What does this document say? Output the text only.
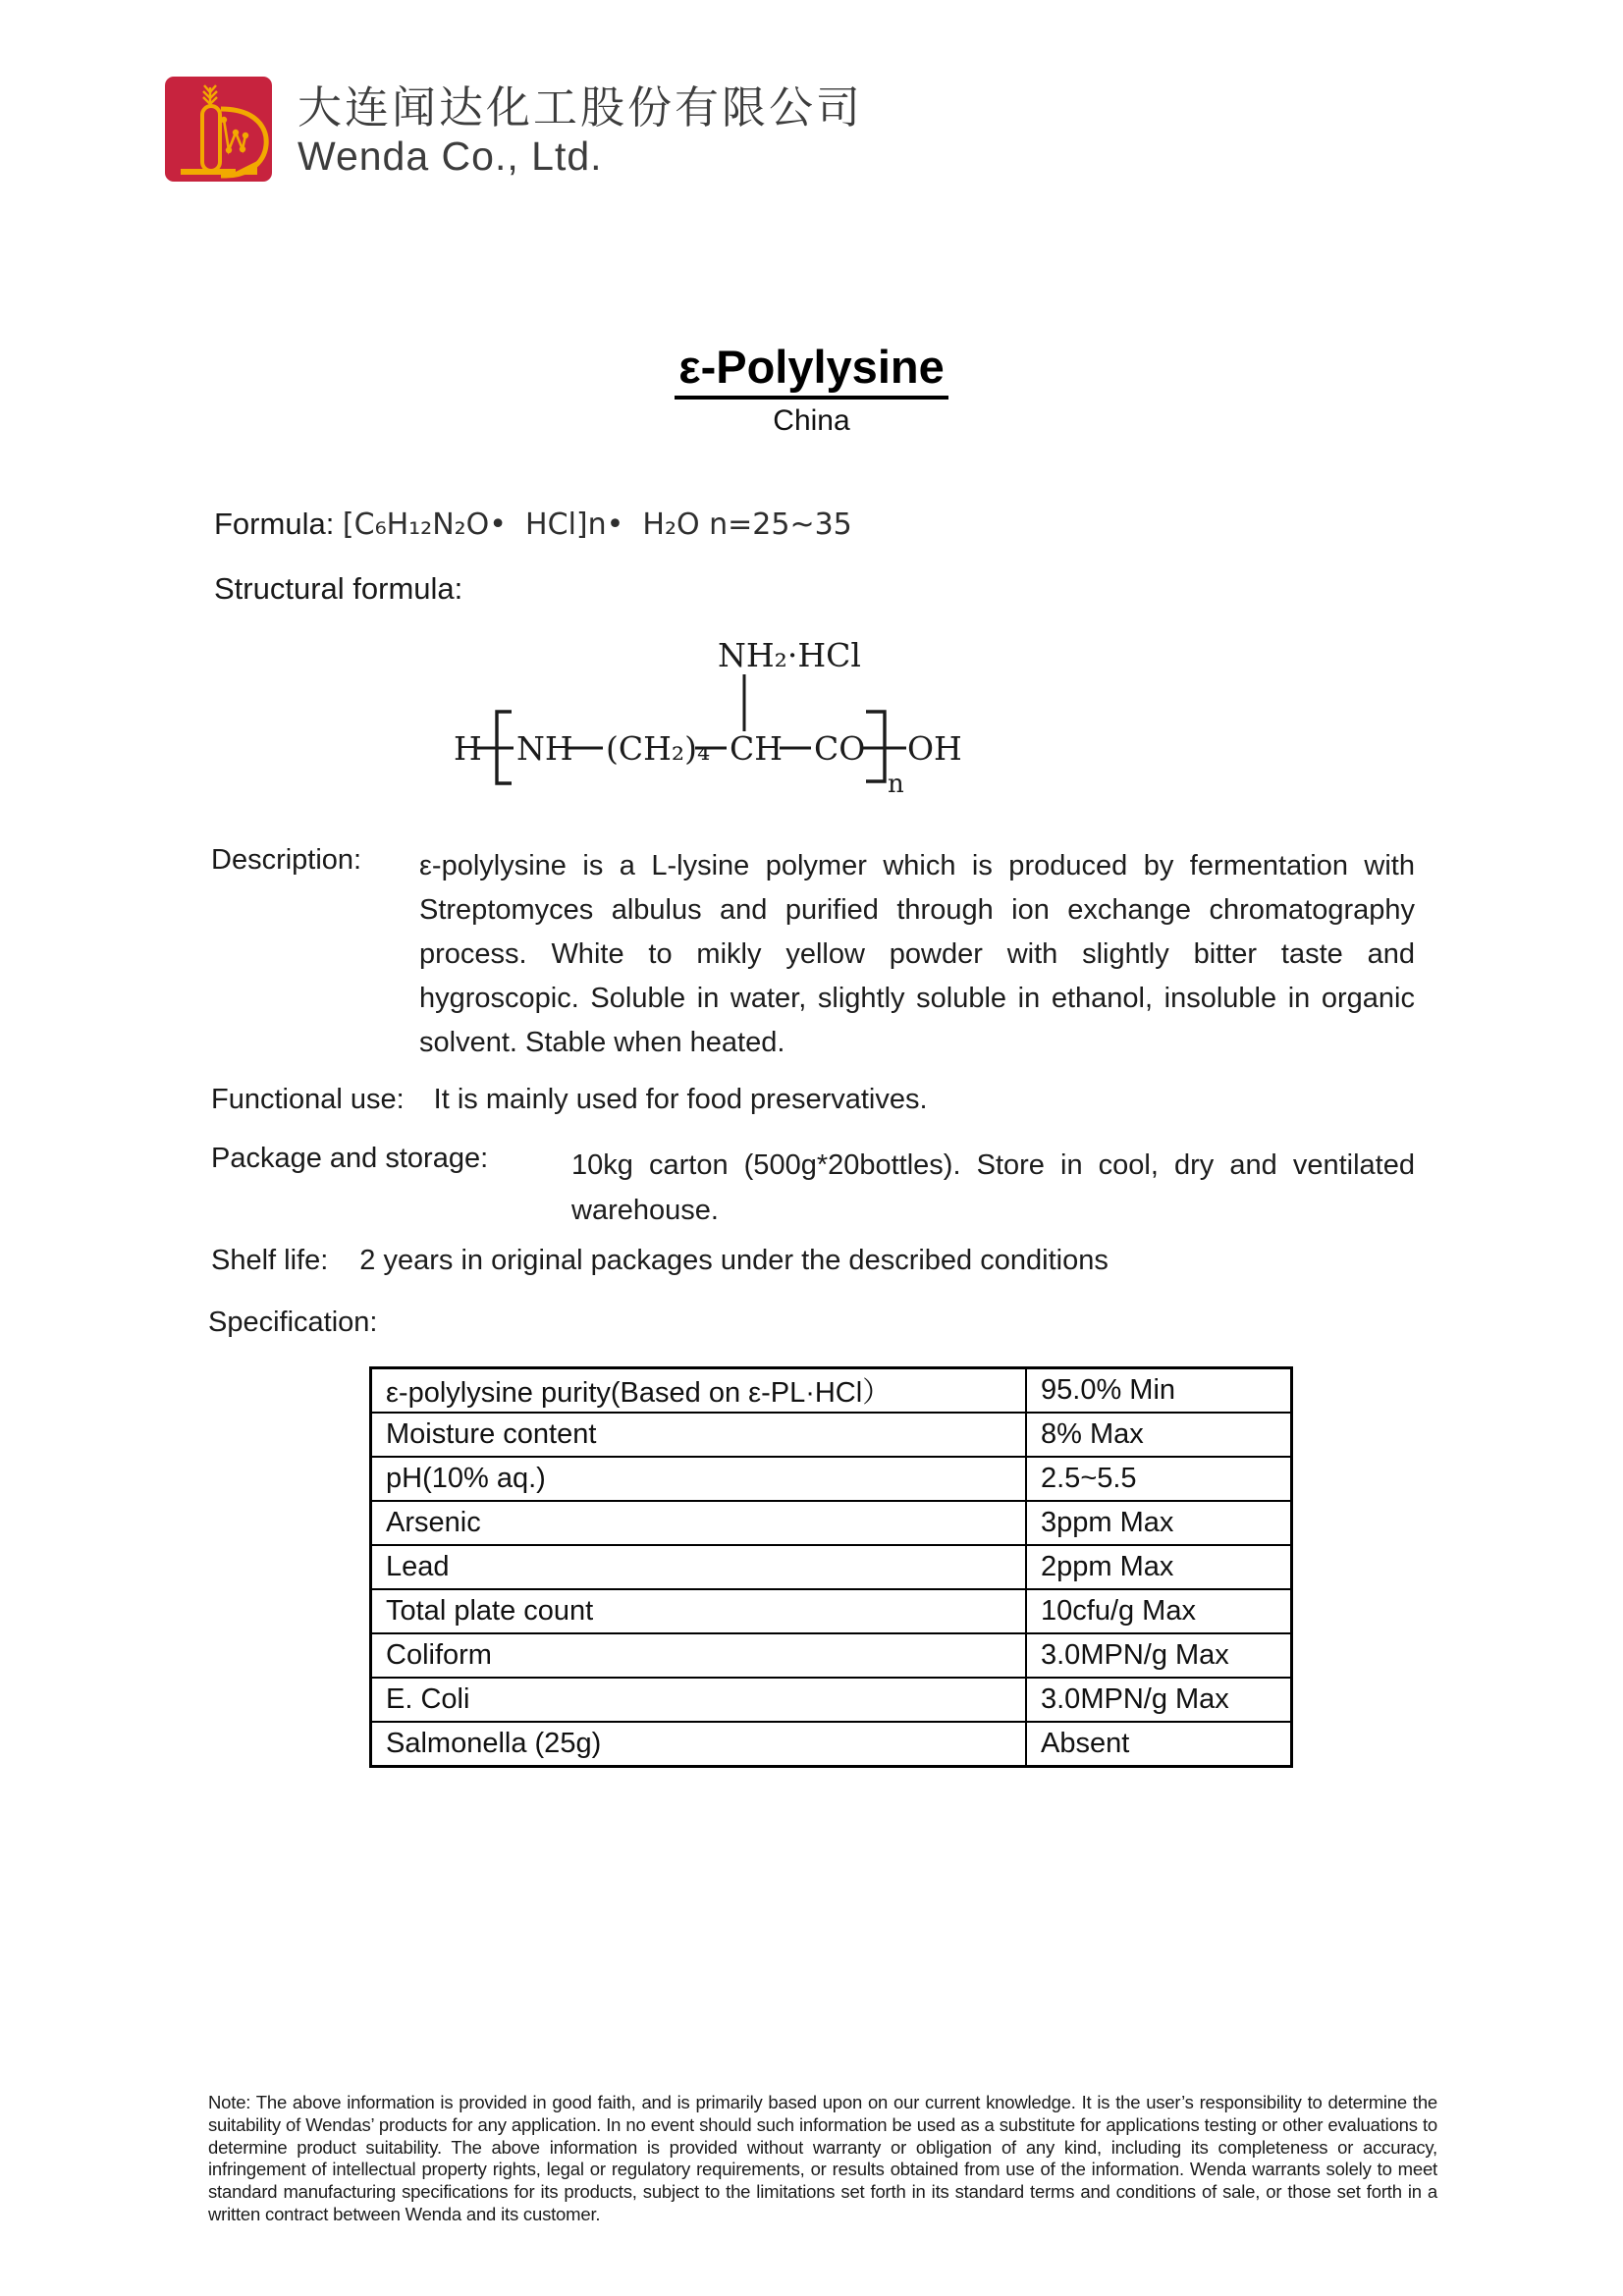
大连闻达化工股份有限公司
Wenda Co., Ltd.
ε-Polylysine
China
Formula: [C₆H₁₂N₂O•  HCl]n•  H₂O n=25~35
Structural formula:
NH₂·HCl
H NH (CH₂)₄ CH CO
n
OH
Description: ε-polylysine is a L-lysine polymer which is produced by fermentation with Streptomyces albulus and purified through ion exchange chromatography process. White to mikly yellow powder with slightly bitter taste and hygroscopic. Soluble in water, slightly soluble in ethanol, insoluble in organic solvent. Stable when heated.
Functional use: It is mainly used for food preservatives.
Package and storage:	10kg carton (500g*20bottles). Store in cool, dry and ventilated warehouse.
Shelf life: 2 years in original packages under the described conditions
Specification:
ε-polylysine purity(Based on ε-PL·HCl）	95.0% Min
Moisture content	8% Max
pH(10% aq.)	2.5~5.5
Arsenic	3ppm Max
Lead	2ppm Max
Total plate count	10cfu/g Max
Coliform	3.0MPN/g Max
E. Coli	3.0MPN/g Max
Salmonella (25g)	Absent
Note: The above information is provided in good faith, and is primarily based upon on our current knowledge. It is the user’s responsibility to determine the suitability of Wendas’ products for any application. In no event should such information be used as a substitute for applications testing or other evaluations to determine product suitability. The above information is provided without warranty or obligation of any kind, including its completeness or accuracy, infringement of intellectual property rights, legal or regulatory requirements, or results obtained from use of the information. Wenda warrants solely to meet standard manufacturing specifications for its products, subject to the limitations set forth in its standard terms and conditions of sale, or those set forth in a written contract between Wenda and its customer.
